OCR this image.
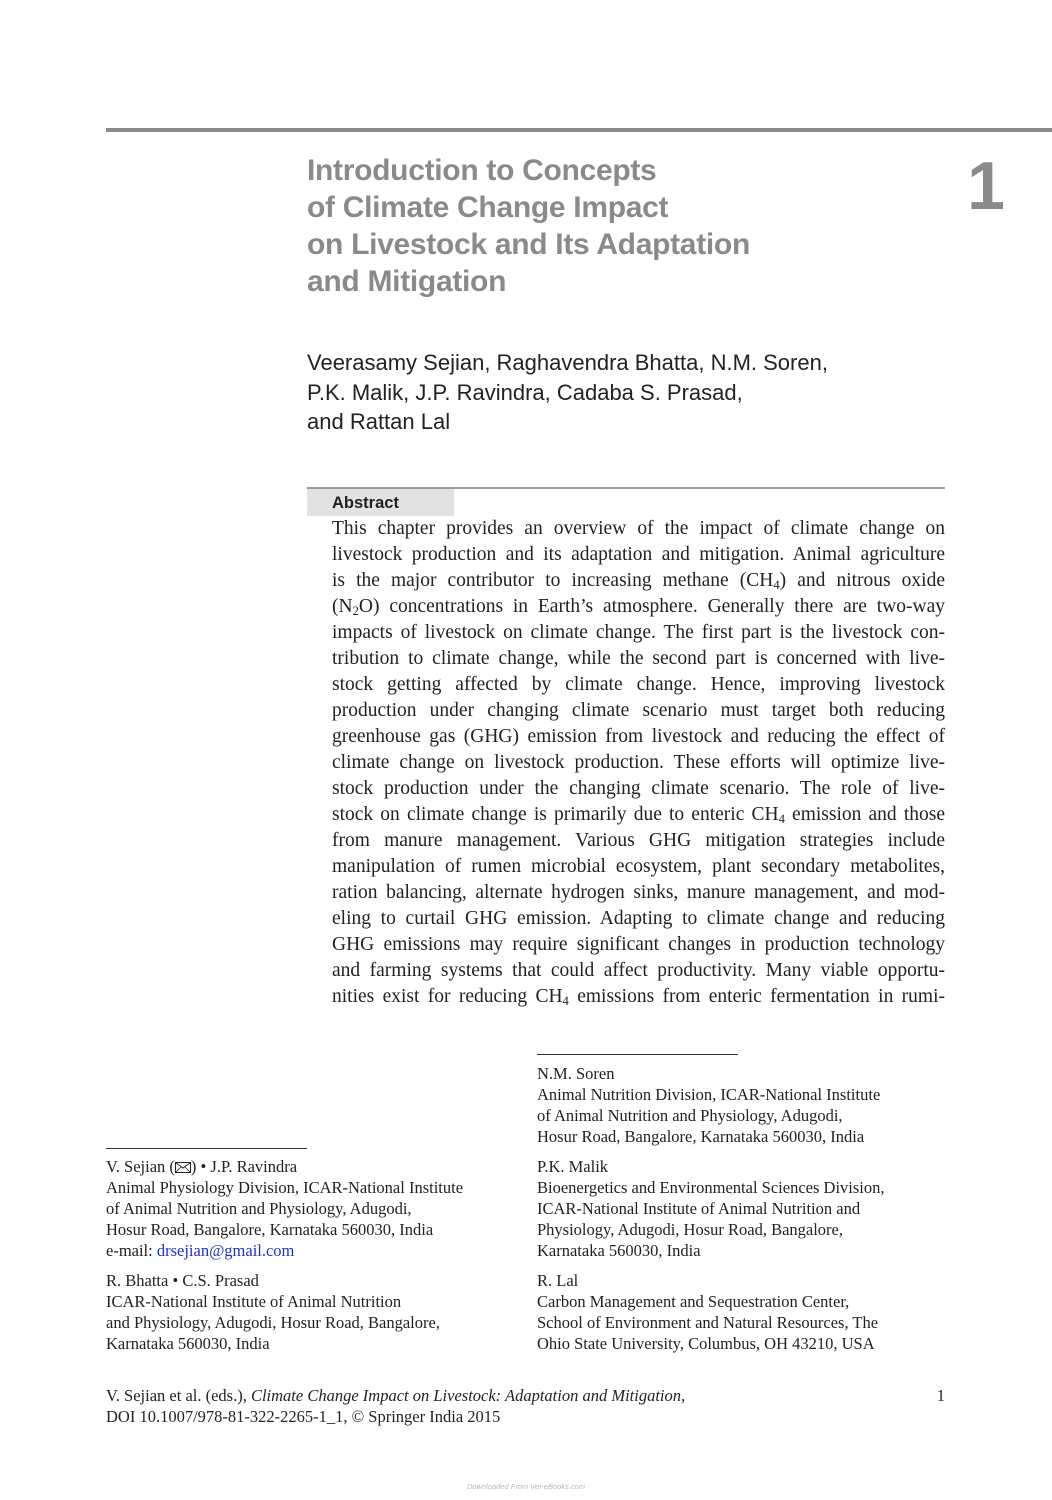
Introduction to Concepts
of Climate Change Impact
on Livestock and Its Adaptation
and Mitigation
1
Veerasamy Sejian, Raghavendra Bhatta, N.M. Soren,
P.K. Malik, J.P. Ravindra, Cadaba S. Prasad,
and Rattan Lal
Abstract
This chapter provides an overview of the impact of climate change on
livestock production and its adaptation and mitigation. Animal agriculture
is the major contributor to increasing methane $(CH_4)$ and nitrous oxide
$(N_2O)$ concentrations in Earth’s atmosphere. Generally there are two-way
impacts of livestock on climate change. The first part is the livestock con-
tribution to climate change, while the second part is concerned with live-
stock getting affected by climate change. Hence, improving livestock
production under changing climate scenario must target both reducing
greenhouse gas (GHG) emission from livestock and reducing the effect of
climate change on livestock production. These efforts will optimize live-
stock production under the changing climate scenario. The role of live-
stock on climate change is primarily due to enteric $CH_4$ emission and those
from manure management. Various GHG mitigation strategies include
manipulation of rumen microbial ecosystem, plant secondary metabolites,
ration balancing, alternate hydrogen sinks, manure management, and mod-
eling to curtail GHG emission. Adapting to climate change and reducing
GHG emissions may require significant changes in production technology
and farming systems that could affect productivity. Many viable opportu-
nities exist for reducing $CH_4$ emissions from enteric fermentation in rumi-
N.M. Soren
Animal Nutrition Division, ICAR-National Institute
of Animal Nutrition and Physiology, Adugodi,
Hosur Road, Bangalore, Karnataka 560030, India
P.K. Malik
Bioenergetics and Environmental Sciences Division,
ICAR-National Institute of Animal Nutrition and
Physiology, Adugodi, Hosur Road, Bangalore,
Karnataka 560030, India
R. Lal
Carbon Management and Sequestration Center,
School of Environment and Natural Resources, The
Ohio State University, Columbus, OH 43210, USA
V. Sejian ( ) • J.P. Ravindra
Animal Physiology Division, ICAR-National Institute
of Animal Nutrition and Physiology, Adugodi,
Hosur Road, Bangalore, Karnataka 560030, India
e-mail: drsejian@gmail.com
R. Bhatta • C.S. Prasad
ICAR-National Institute of Animal Nutrition
and Physiology, Adugodi, Hosur Road, Bangalore,
Karnataka 560030, India
V. Sejian et al. (eds.), Climate Change Impact on Livestock: Adaptation and Mitigation,
DOI 10.1007/978-81-322-2265-1_1, © Springer India 2015
1
Downloaded From Vet-eBooks.com
